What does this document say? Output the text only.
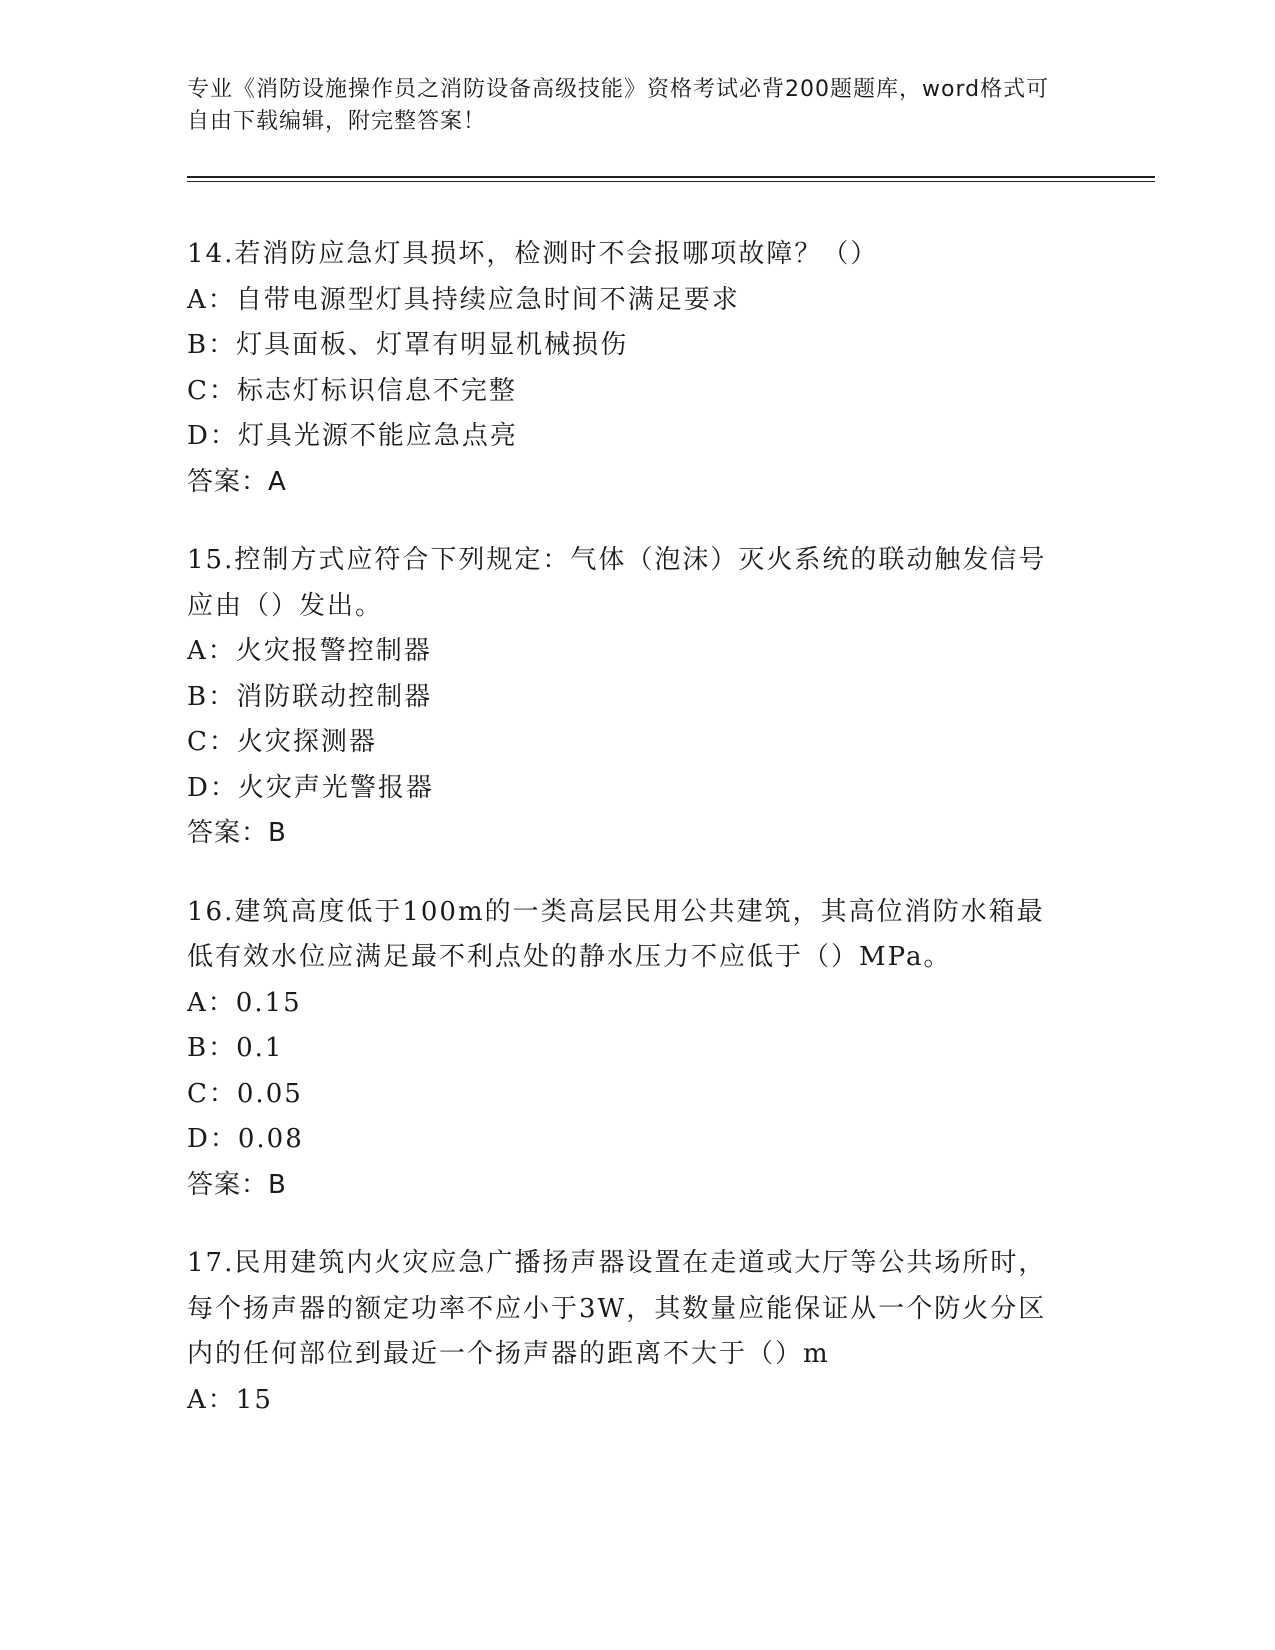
专业《消防设施操作员之消防设备高级技能》资格考试必背200题题库，word格式可自由下载编辑，附完整答案！
14.若消防应急灯具损坏，检测时不会报哪项故障？（）
A：自带电源型灯具持续应急时间不满足要求
B：灯具面板、灯罩有明显机械损伤
C：标志灯标识信息不完整
D：灯具光源不能应急点亮
答案：A
15.控制方式应符合下列规定：气体（泡沫）灭火系统的联动触发信号应由（）发出。
A：火灾报警控制器
B：消防联动控制器
C：火灾探测器
D：火灾声光警报器
答案：B
16.建筑高度低于100m的一类高层民用公共建筑，其高位消防水箱最低有效水位应满足最不利点处的静水压力不应低于（）MPa。
A：0.15
B：0.1
C：0.05
D：0.08
答案：B
17.民用建筑内火灾应急广播扬声器设置在走道或大厅等公共场所时，每个扬声器的额定功率不应小于3W，其数量应能保证从一个防火分区内的任何部位到最近一个扬声器的距离不大于（）m
A：15
